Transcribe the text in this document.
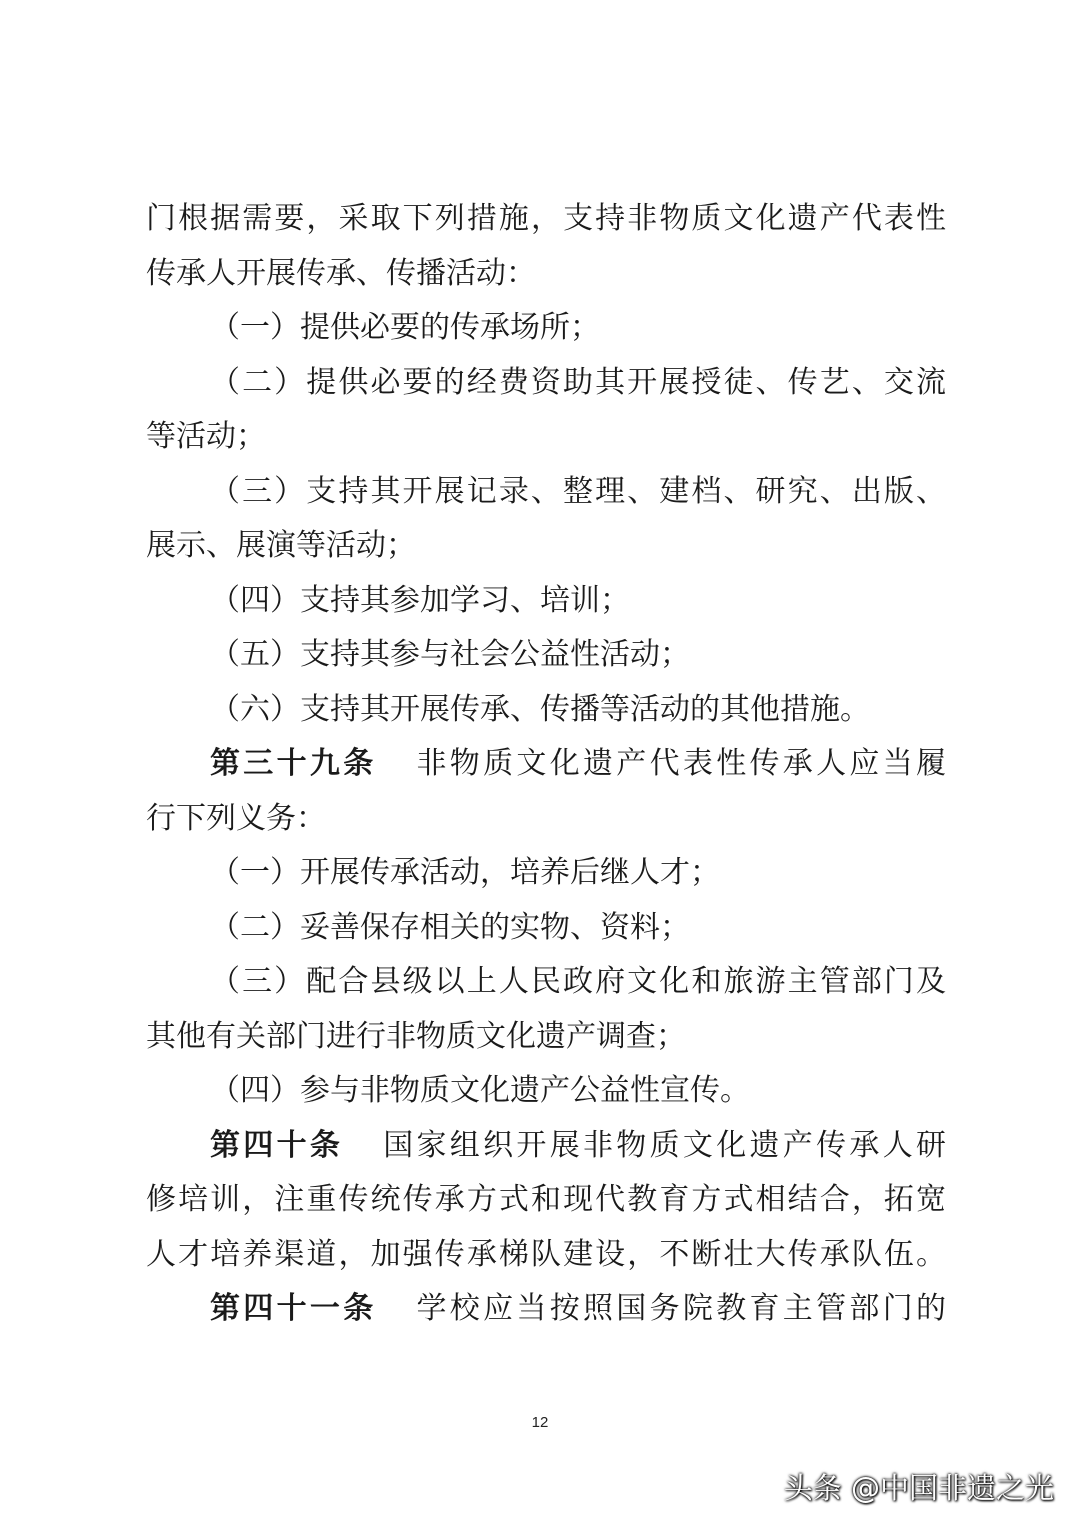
门根据需要，采取下列措施，支持非物质文化遗产代表性
传承人开展传承、传播活动：
（一）提供必要的传承场所；
（二）提供必要的经费资助其开展授徒、传艺、交流
等活动；
（三）支持其开展记录、整理、建档、研究、出版、
展示、展演等活动；
（四）支持其参加学习、培训；
（五）支持其参与社会公益性活动；
（六）支持其开展传承、传播等活动的其他措施。
第三十九条 非物质文化遗产代表性传承人应当履
行下列义务：
（一）开展传承活动，培养后继人才；
（二）妥善保存相关的实物、资料；
（三）配合县级以上人民政府文化和旅游主管部门及
其他有关部门进行非物质文化遗产调查；
（四）参与非物质文化遗产公益性宣传。
第四十条 国家组织开展非物质文化遗产传承人研
修培训，注重传统传承方式和现代教育方式相结合，拓宽
人才培养渠道，加强传承梯队建设，不断壮大传承队伍。
第四十一条 学校应当按照国务院教育主管部门的
12
头条 @中国非遗之光
